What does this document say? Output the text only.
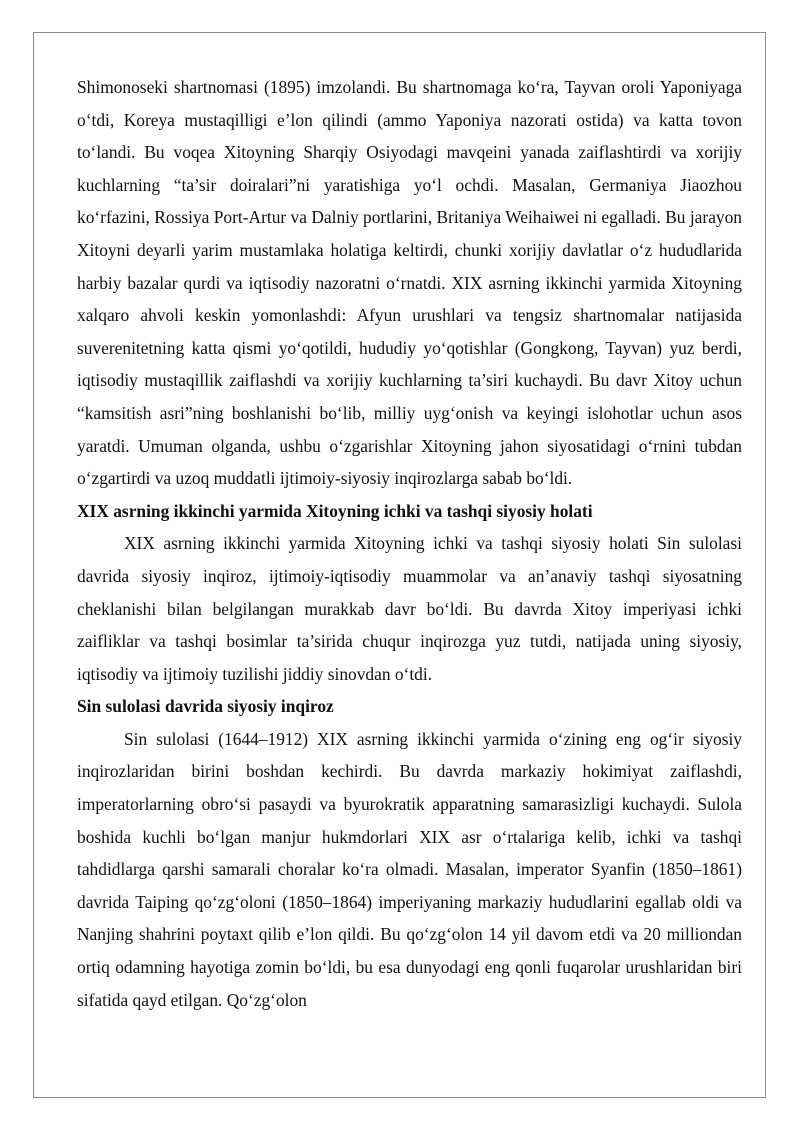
Shimonoseki shartnomasi (1895) imzolandi. Bu shartnomaga ko‘ra, Tayvan oroli Yaponiyaga o‘tdi, Koreya mustaqilligi e’lon qilindi (ammo Yaponiya nazorati ostida) va katta tovon to‘landi. Bu voqea Xitoyning Sharqiy Osiyodagi mavqeini yanada zaiflashtirdi va xorijiy kuchlarning “ta’sir doiralari”ni yaratishiga yo‘l ochdi. Masalan, Germaniya Jiaozhou ko‘rfazini, Rossiya Port-Artur va Dalniy portlarini, Britaniya Weihaiwei ni egalladi. Bu jarayon Xitoyni deyarli yarim mustamlaka holatiga keltirdi, chunki xorijiy davlatlar o‘z hududlarida harbiy bazalar qurdi va iqtisodiy nazoratni o‘rnatdi. XIX asrning ikkinchi yarmida Xitoyning xalqaro ahvoli keskin yomonlashdi: Afyun urushlari va tengsiz shartnomalar natijasida suverenitetning katta qismi yo‘qotildi, hududiy yo‘qotishlar (Gongkong, Tayvan) yuz berdi, iqtisodiy mustaqillik zaiflashdi va xorijiy kuchlarning ta’siri kuchaydi. Bu davr Xitoy uchun “kamsitish asri”ning boshlanishi bo‘lib, milliy uyg‘onish va keyingi islohotlar uchun asos yaratdi. Umuman olganda, ushbu o‘zgarishlar Xitoyning jahon siyosatidagi o‘rnini tubdan o‘zgartirdi va uzoq muddatli ijtimoiy-siyosiy inqirozlarga sabab bo‘ldi.

XIX asrning ikkinchi yarmida Xitoyning ichki va tashqi siyosiy holati

XIX asrning ikkinchi yarmida Xitoyning ichki va tashqi siyosiy holati Sin sulolasi davrida siyosiy inqiroz, ijtimoiy-iqtisodiy muammolar va an’anaviy tashqi siyosatning cheklanishi bilan belgilangan murakkab davr bo‘ldi. Bu davrda Xitoy imperiyasi ichki zaifliklar va tashqi bosimlar ta’sirida chuqur inqirozga yuz tutdi, natijada uning siyosiy, iqtisodiy va ijtimoiy tuzilishi jiddiy sinovdan o‘tdi.

Sin sulolasi davrida siyosiy inqiroz

Sin sulolasi (1644–1912) XIX asrning ikkinchi yarmida o‘zining eng og‘ir siyosiy inqirozlaridan birini boshdan kechirdi. Bu davrda markaziy hokimiyat zaiflashdi, imperatorlarning obro‘si pasaydi va byurokratik apparatning samarasizligi kuchaydi. Sulola boshida kuchli bo‘lgan manjur hukmdorlari XIX asr o‘rtalariga kelib, ichki va tashqi tahdidlarga qarshi samarali choralar ko‘ra olmadi. Masalan, imperator Syanfin (1850–1861) davrida Taiping qo‘zg‘oloni (1850–1864) imperiyaning markaziy hududlarini egallab oldi va Nanjing shahrini poytaxt qilib e’lon qildi. Bu qo‘zg‘olon 14 yil davom etdi va 20 milliondan ortiq odamning hayotiga zomin bo‘ldi, bu esa dunyodagi eng qonli fuqarolar urushlaridan biri sifatida qayd etilgan. Qo‘zg‘olon
